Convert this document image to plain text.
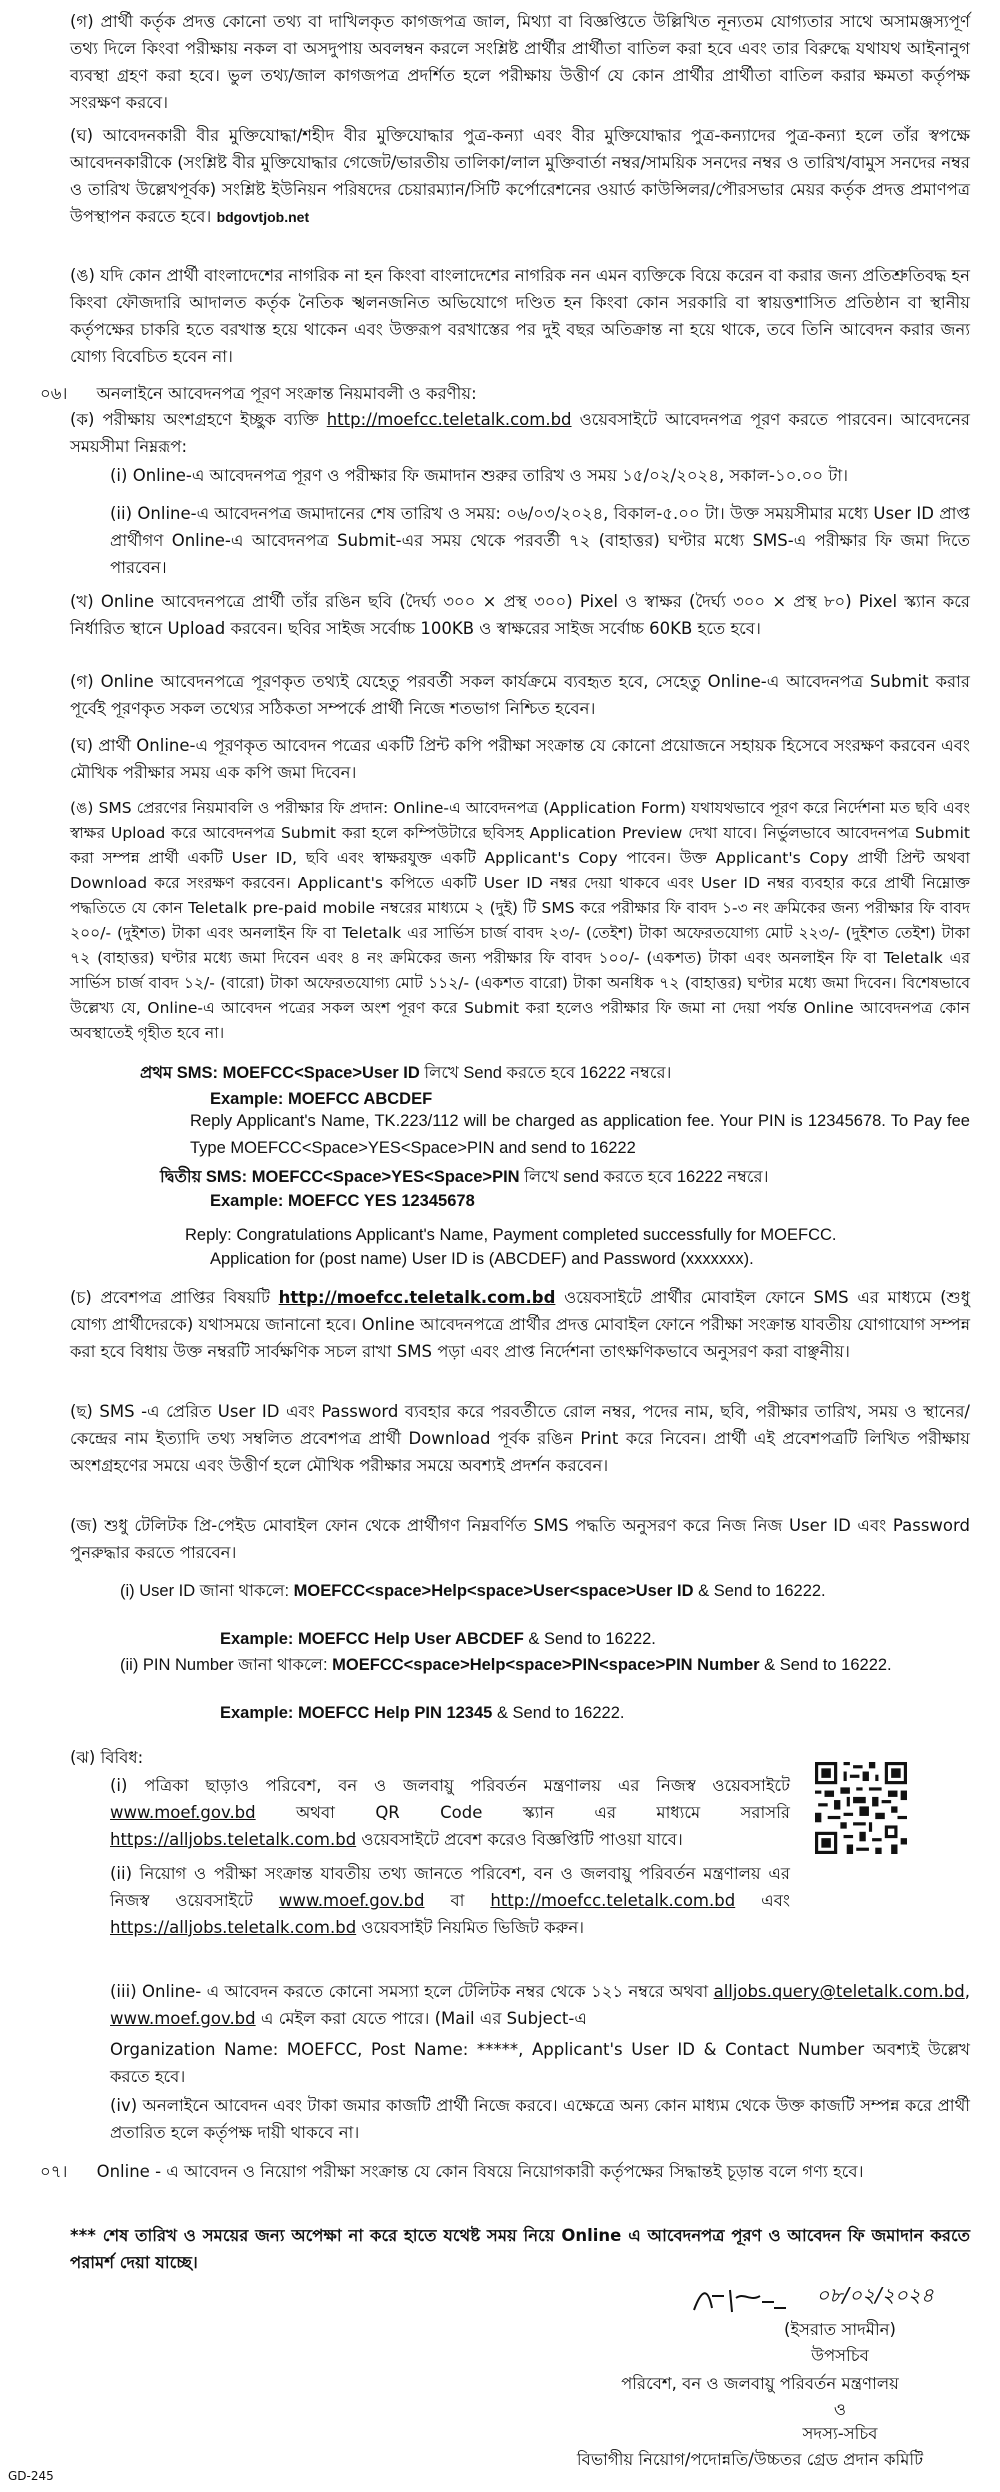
(গ) প্রার্থী কর্তৃক প্রদত্ত কোনো তথ্য বা দাখিলকৃত কাগজপত্র জাল, মিথ্যা বা বিজ্ঞপ্তিতে উল্লিখিত নূন্যতম যোগ্যতার সাথে অসামঞ্জস্যপূর্ণ তথ্য দিলে কিংবা পরীক্ষায় নকল বা অসদুপায় অবলম্বন করলে সংশ্লিষ্ট প্রার্থীর প্রার্থীতা বাতিল করা হবে এবং তার বিরুদ্ধে যথাযথ আইনানুগ ব্যবস্থা গ্রহণ করা হবে। ভুল তথ্য/জাল কাগজপত্র প্রদর্শিত হলে পরীক্ষায় উত্তীর্ণ যে কোন প্রার্থীর প্রার্থীতা বাতিল করার ক্ষমতা কর্তৃপক্ষ সংরক্ষণ করবে।
(ঘ) আবেদনকারী বীর মুক্তিযোদ্ধা/শহীদ বীর মুক্তিযোদ্ধার পুত্র-কন্যা এবং বীর মুক্তিযোদ্ধার পুত্র-কন্যাদের পুত্র-কন্যা হলে তাঁর স্বপক্ষে আবেদনকারীকে (সংশ্লিষ্ট বীর মুক্তিযোদ্ধার গেজেট/ভারতীয় তালিকা/লাল মুক্তিবার্তা নম্বর/সাময়িক সনদের নম্বর ও তারিখ/বামুস সনদের নম্বর ও তারিখ উল্লেখপূর্বক) সংশ্লিষ্ট ইউনিয়ন পরিষদের চেয়ারম্যান/সিটি কর্পোরেশনের ওয়ার্ড কাউন্সিলর/পৌরসভার মেয়র কর্তৃক প্রদত্ত প্রমাণপত্র উপস্থাপন করতে হবে। bdgovtjob.net
(ঙ) যদি কোন প্রার্থী বাংলাদেশের নাগরিক না হন কিংবা বাংলাদেশের নাগরিক নন এমন ব্যক্তিকে বিয়ে করেন বা করার জন্য প্রতিশ্রুতিবদ্ধ হন কিংবা ফৌজদারি আদালত কর্তৃক নৈতিক স্খলনজনিত অভিযোগে দণ্ডিত হন কিংবা কোন সরকারি বা স্বায়ত্তশাসিত প্রতিষ্ঠান বা স্থানীয় কর্তৃপক্ষের চাকরি হতে বরখাস্ত হয়ে থাকেন এবং উক্তরূপ বরখাস্তের পর দুই বছর অতিক্রান্ত না হয়ে থাকে, তবে তিনি আবেদন করার জন্য যোগ্য বিবেচিত হবেন না।
০৬। অনলাইনে আবেদনপত্র পূরণ সংক্রান্ত নিয়মাবলী ও করণীয়:
(ক) পরীক্ষায় অংশগ্রহণে ইচ্ছুক ব্যক্তি http://moefcc.teletalk.com.bd ওয়েবসাইটে আবেদনপত্র পূরণ করতে পারবেন। আবেদনের সময়সীমা নিম্নরূপ:
(i) Online-এ আবেদনপত্র পূরণ ও পরীক্ষার ফি জমাদান শুরুর তারিখ ও সময় ১৫/০২/২০২৪, সকাল-১০.০০ টা।
(ii) Online-এ আবেদনপত্র জমাদানের শেষ তারিখ ও সময়: ০৬/০৩/২০২৪, বিকাল-৫.০০ টা। উক্ত সময়সীমার মধ্যে User ID প্রাপ্ত প্রার্থীগণ Online-এ আবেদনপত্র Submit-এর সময় থেকে পরবর্তী ৭২ (বাহাত্তর) ঘণ্টার মধ্যে SMS-এ পরীক্ষার ফি জমা দিতে পারবেন।
(খ) Online আবেদনপত্রে প্রার্থী তাঁর রঙিন ছবি (দৈর্ঘ্য ৩০০ × প্রস্থ ৩০০) Pixel ও স্বাক্ষর (দৈর্ঘ্য ৩০০ × প্রস্থ ৮০) Pixel স্ক্যান করে নির্ধারিত স্থানে Upload করবেন। ছবির সাইজ সর্বোচ্চ 100KB ও স্বাক্ষরের সাইজ সর্বোচ্চ 60KB হতে হবে।
(গ) Online আবেদনপত্রে পূরণকৃত তথ্যই যেহেতু পরবর্তী সকল কার্যক্রমে ব্যবহৃত হবে, সেহেতু Online-এ আবেদনপত্র Submit করার পূর্বেই পূরণকৃত সকল তথ্যের সঠিকতা সম্পর্কে প্রার্থী নিজে শতভাগ নিশ্চিত হবেন।
(ঘ) প্রার্থী Online-এ পূরণকৃত আবেদন পত্রের একটি প্রিন্ট কপি পরীক্ষা সংক্রান্ত যে কোনো প্রয়োজনে সহায়ক হিসেবে সংরক্ষণ করবেন এবং মৌখিক পরীক্ষার সময় এক কপি জমা দিবেন।
(ঙ) SMS প্রেরণের নিয়মাবলি ও পরীক্ষার ফি প্রদান: Online-এ আবেদনপত্র (Application Form) যথাযথভাবে পূরণ করে নির্দেশনা মত ছবি এবং স্বাক্ষর Upload করে আবেদনপত্র Submit করা হলে কম্পিউটারে ছবিসহ Application Preview দেখা যাবে। নির্ভুলভাবে আবেদনপত্র Submit করা সম্পন্ন প্রার্থী একটি User ID, ছবি এবং স্বাক্ষরযুক্ত একটি Applicant's Copy পাবেন। উক্ত Applicant's Copy প্রার্থী প্রিন্ট অথবা Download করে সংরক্ষণ করবেন। Applicant's কপিতে একটি User ID নম্বর দেয়া থাকবে এবং User ID নম্বর ব্যবহার করে প্রার্থী নিম্নোক্ত পদ্ধতিতে যে কোন Teletalk pre-paid mobile নম্বরের মাধ্যমে ২ (দুই) টি SMS করে পরীক্ষার ফি বাবদ ১-৩ নং ক্রমিকের জন্য পরীক্ষার ফি বাবদ ২০০/- (দুইশত) টাকা এবং অনলাইন ফি বা Teletalk এর সার্ভিস চার্জ বাবদ ২৩/- (তেইশ) টাকা অফেরতযোগ্য মোট ২২৩/- (দুইশত তেইশ) টাকা ৭২ (বাহাত্তর) ঘণ্টার মধ্যে জমা দিবেন এবং ৪ নং ক্রমিকের জন্য পরীক্ষার ফি বাবদ ১০০/- (একশত) টাকা এবং অনলাইন ফি বা Teletalk এর সার্ভিস চার্জ বাবদ ১২/- (বারো) টাকা অফেরতযোগ্য মোট ১১২/- (একশত বারো) টাকা অনধিক ৭২ (বাহাত্তর) ঘণ্টার মধ্যে জমা দিবেন। বিশেষভাবে উল্লেখ্য যে, Online-এ আবেদন পত্রের সকল অংশ পূরণ করে Submit করা হলেও পরীক্ষার ফি জমা না দেয়া পর্যন্ত Online আবেদনপত্র কোন অবস্থাতেই গৃহীত হবে না।
প্রথম SMS: MOEFCC<Space>User ID লিখে Send করতে হবে 16222 নম্বরে।
Example: MOEFCC ABCDEF
Reply Applicant's Name, TK.223/112 will be charged as application fee. Your PIN is 12345678. To Pay fee Type MOEFCC<Space>YES<Space>PIN and send to 16222
দ্বিতীয় SMS: MOEFCC<Space>YES<Space>PIN লিখে send করতে হবে 16222 নম্বরে।
Example: MOEFCC YES 12345678
Reply: Congratulations Applicant's Name, Payment completed successfully for MOEFCC.
Application for (post name) User ID is (ABCDEF) and Password (xxxxxxx).
(চ) প্রবেশপত্র প্রাপ্তির বিষয়টি http://moefcc.teletalk.com.bd ওয়েবসাইটে প্রার্থীর মোবাইল ফোনে SMS এর মাধ্যমে (শুধু যোগ্য প্রার্থীদেরকে) যথাসময়ে জানানো হবে। Online আবেদনপত্রে প্রার্থীর প্রদত্ত মোবাইল ফোনে পরীক্ষা সংক্রান্ত যাবতীয় যোগাযোগ সম্পন্ন করা হবে বিধায় উক্ত নম্বরটি সার্বক্ষণিক সচল রাখা SMS পড়া এবং প্রাপ্ত নির্দেশনা তাৎক্ষণিকভাবে অনুসরণ করা বাঞ্ছনীয়।
(ছ) SMS -এ প্রেরিত User ID এবং Password ব্যবহার করে পরবর্তীতে রোল নম্বর, পদের নাম, ছবি, পরীক্ষার তারিখ, সময় ও স্থানের/কেন্দ্রের নাম ইত্যাদি তথ্য সম্বলিত প্রবেশপত্র প্রার্থী Download পূর্বক রঙিন Print করে নিবেন। প্রার্থী এই প্রবেশপত্রটি লিখিত পরীক্ষায় অংশগ্রহণের সময়ে এবং উত্তীর্ণ হলে মৌখিক পরীক্ষার সময়ে অবশ্যই প্রদর্শন করবেন।
(জ) শুধু টেলিটক প্রি-পেইড মোবাইল ফোন থেকে প্রার্থীগণ নিম্নবর্ণিত SMS পদ্ধতি অনুসরণ করে নিজ নিজ User ID এবং Password পুনরুদ্ধার করতে পারবেন।
(i) User ID জানা থাকলে: MOEFCC<space>Help<space>User<space>User ID & Send to 16222.
Example: MOEFCC Help User ABCDEF & Send to 16222.
(ii) PIN Number জানা থাকলে: MOEFCC<space>Help<space>PIN<space>PIN Number & Send to 16222.
Example: MOEFCC Help PIN 12345 & Send to 16222.
(ঝ) বিবিধ:
(i) পত্রিকা ছাড়াও পরিবেশ, বন ও জলবায়ু পরিবর্তন মন্ত্রণালয় এর নিজস্ব ওয়েবসাইটে www.moef.gov.bd অথবা QR Code স্ক্যান এর মাধ্যমে সরাসরি https://alljobs.teletalk.com.bd ওয়েবসাইটে প্রবেশ করেও বিজ্ঞপ্তিটি পাওয়া যাবে।
(ii) নিয়োগ ও পরীক্ষা সংক্রান্ত যাবতীয় তথ্য জানতে পরিবেশ, বন ও জলবায়ু পরিবর্তন মন্ত্রণালয় এর নিজস্ব ওয়েবসাইটে www.moef.gov.bd বা http://moefcc.teletalk.com.bd এবং https://alljobs.teletalk.com.bd ওয়েবসাইট নিয়মিত ভিজিট করুন।
(iii) Online- এ আবেদন করতে কোনো সমস্যা হলে টেলিটক নম্বর থেকে ১২১ নম্বরে অথবা alljobs.query@teletalk.com.bd, www.moef.gov.bd এ মেইল করা যেতে পারে। (Mail এর Subject-এ
Organization Name: MOEFCC, Post Name: *****, Applicant's User ID & Contact Number অবশ্যই উল্লেখ করতে হবে।
(iv) অনলাইনে আবেদন এবং টাকা জমার কাজটি প্রার্থী নিজে করবে। এক্ষেত্রে অন্য কোন মাধ্যম থেকে উক্ত কাজটি সম্পন্ন করে প্রার্থী প্রতারিত হলে কর্তৃপক্ষ দায়ী থাকবে না।
০৭। Online - এ আবেদন ও নিয়োগ পরীক্ষা সংক্রান্ত যে কোন বিষয়ে নিয়োগকারী কর্তৃপক্ষের সিদ্ধান্তই চূড়ান্ত বলে গণ্য হবে।
*** শেষ তারিখ ও সময়ের জন্য অপেক্ষা না করে হাতে যথেষ্ট সময় নিয়ে Online এ আবেদনপত্র পূরণ ও আবেদন ফি জমাদান করতে পরামর্শ দেয়া যাচ্ছে।
০৮/০২/২০২৪
(ইসরাত সাদমীন)
উপসচিব
পরিবেশ, বন ও জলবায়ু পরিবর্তন মন্ত্রণালয়
ও
সদস্য-সচিব
বিভাগীয় নিয়োগ/পদোন্নতি/উচ্চতর গ্রেড প্রদান কমিটি
GD-245
